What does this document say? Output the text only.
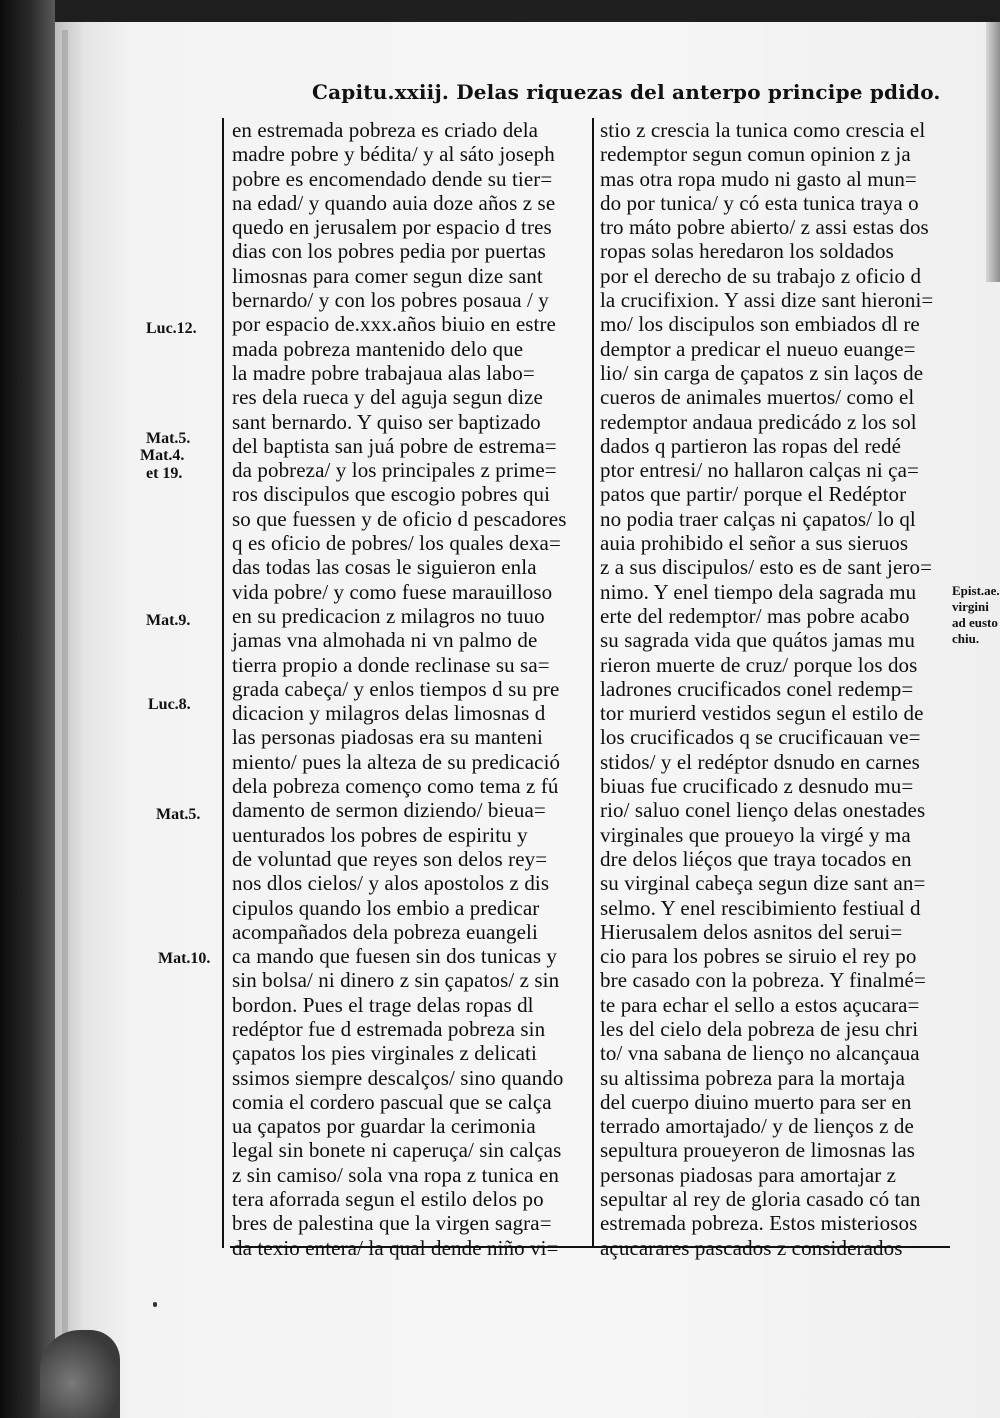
Capitu.xxiij. Delas riquezas del anterpo principe pdido.
en estremada pobreza es criado dela
madre pobre y bédita/ y al sáto joseph
pobre es encomendado dende su tier=
na edad/ y quando auia doze años z se
quedo en jerusalem por espacio d tres
dias con los pobres pedia por puertas
limosnas para comer segun dize sant
bernardo/ y con los pobres posaua / y
por espacio de.xxx.años biuio en estre
mada pobreza mantenido delo que
la madre pobre trabajaua alas labo=
res dela rueca y del aguja segun dize
sant bernardo. Y quiso ser baptizado
del baptista san juá pobre de estrema=
da pobreza/ y los principales z prime=
ros discipulos que escogio pobres qui
so que fuessen y de oficio d pescadores
q es oficio de pobres/ los quales dexa=
das todas las cosas le siguieron enla
vida pobre/ y como fuese marauilloso
en su predicacion z milagros no tuuo
jamas vna almohada ni vn palmo de
tierra propio a donde reclinase su sa=
grada cabeça/ y enlos tiempos d su pre
dicacion y milagros delas limosnas d
las personas piadosas era su manteni
miento/ pues la alteza de su predicació
dela pobreza començo como tema z fú
damento de sermon diziendo/ bieua=
uenturados los pobres de espiritu y
de voluntad que reyes son delos rey=
nos dlos cielos/ y alos apostolos z dis
cipulos quando los embio a predicar
acompañados dela pobreza euangeli
ca mando que fuesen sin dos tunicas y
sin bolsa/ ni dinero z sin çapatos/ z sin
bordon. Pues el trage delas ropas dl
redéptor fue d estremada pobreza sin
çapatos los pies virginales z delicati
ssimos siempre descalços/ sino quando
comia el cordero pascual que se calça
ua çapatos por guardar la cerimonia
legal sin bonete ni caperuça/ sin calças
z sin camiso/ sola vna ropa z tunica en
tera aforrada segun el estilo delos po
bres de palestina que la virgen sagra=
da texio entera/ la qual dende niño vi=
stio z crescia la tunica como crescia el
redemptor segun comun opinion z ja
mas otra ropa mudo ni gasto al mun=
do por tunica/ y có esta tunica traya o
tro máto pobre abierto/ z assi estas dos
ropas solas heredaron los soldados
por el derecho de su trabajo z oficio d
la crucifixion. Y assi dize sant hieroni=
mo/ los discipulos son embiados dl re
demptor a predicar el nueuo euange=
lio/ sin carga de çapatos z sin laços de
cueros de animales muertos/ como el
redemptor andaua predicádo z los sol
dados q partieron las ropas del redé
ptor entresi/ no hallaron calças ni ça=
patos que partir/ porque el Redéptor
no podia traer calças ni çapatos/ lo ql
auia prohibido el señor a sus sieruos
z a sus discipulos/ esto es de sant jero=
nimo. Y enel tiempo dela sagrada mu
erte del redemptor/ mas pobre acabo
su sagrada vida que quátos jamas mu
rieron muerte de cruz/ porque los dos
ladrones crucificados conel redemp=
tor murierd vestidos segun el estilo de
los crucificados q se crucificauan ve=
stidos/ y el redéptor dsnudo en carnes
biuas fue crucificado z desnudo mu=
rio/ saluo conel lienço delas onestades
virginales que proueyo la virgé y ma
dre delos liéços que traya tocados en
su virginal cabeça segun dize sant an=
selmo. Y enel rescibimiento festiual d
Hierusalem delos asnitos del serui=
cio para los pobres se siruio el rey po
bre casado con la pobreza. Y finalmé=
te para echar el sello a estos açucara=
les del cielo dela pobreza de jesu chri
to/ vna sabana de lienço no alcançaua
su altissima pobreza para la mortaja
del cuerpo diuino muerto para ser en
terrado amortajado/ y de lienços z de
sepultura proueyeron de limosnas las
personas piadosas para amortajar z
sepultar al rey de gloria casado có tan
estremada pobreza. Estos misteriosos
açucarares pascados z considerados
Luc.12.
Mat.5.
Mat.4.
et 19.
Mat.9.
Luc.8.
Mat.5.
Mat.10.
Epist.ae.
virgini
ad eusto
chiu.
